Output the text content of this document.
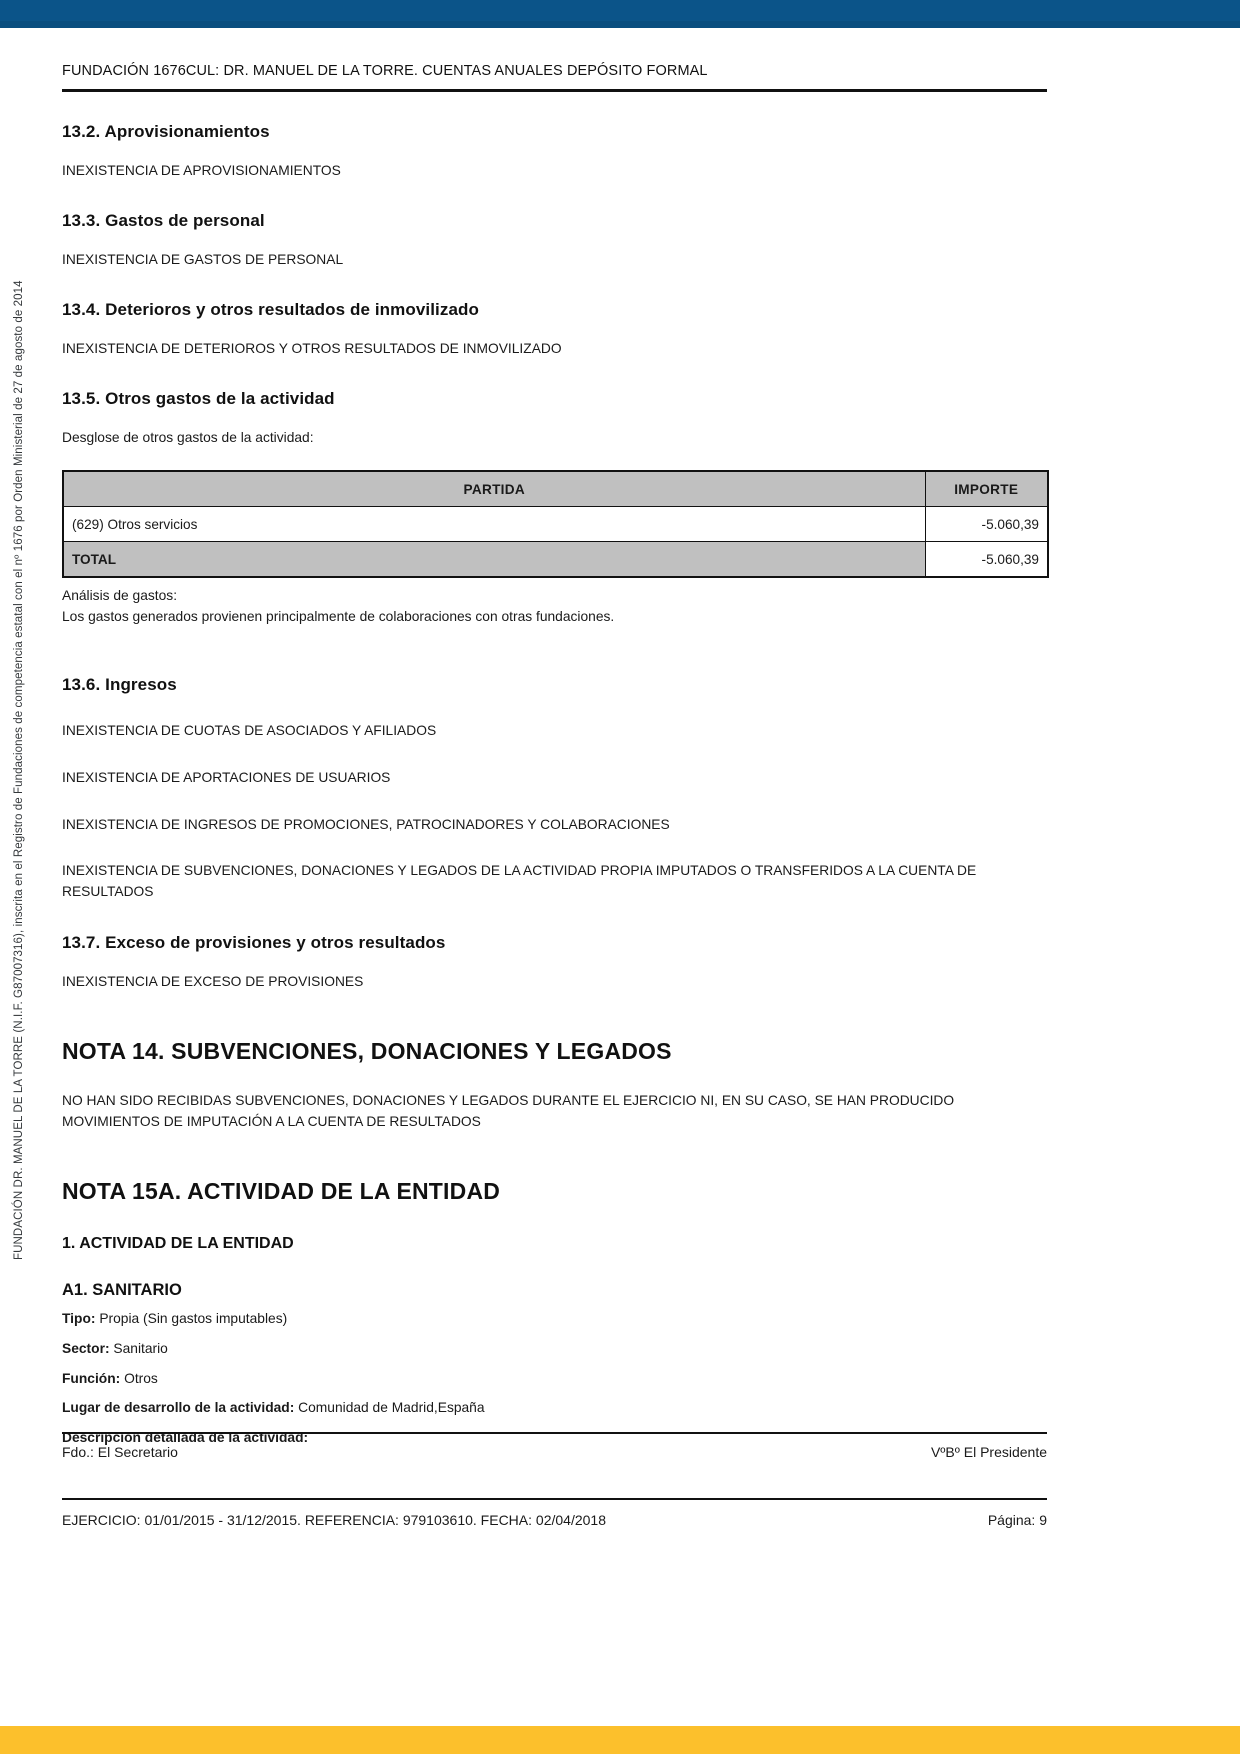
FUNDACIÓN DR. MANUEL DE LA TORRE (N.I.F. G87007316), inscrita en el Registro de Fundaciones de competencia estatal con el nº 1676 por Orden Ministerial de 27 de agosto de 2014
FUNDACIÓN 1676CUL: DR. MANUEL DE LA TORRE. CUENTAS ANUALES DEPÓSITO FORMAL
13.2. Aprovisionamientos

INEXISTENCIA DE APROVISIONAMIENTOS

13.3. Gastos de personal

INEXISTENCIA DE GASTOS DE PERSONAL

13.4. Deterioros y otros resultados de inmovilizado

INEXISTENCIA DE DETERIOROS Y OTROS RESULTADOS DE INMOVILIZADO

13.5. Otros gastos de la actividad

Desglose de otros gastos de la actividad:

PARTIDA	IMPORTE
(629) Otros servicios	-5.060,39
TOTAL	-5.060,39
Análisis de gastos:
Los gastos generados provienen principalmente de colaboraciones con otras fundaciones.
13.6. Ingresos

INEXISTENCIA DE CUOTAS DE ASOCIADOS Y AFILIADOS

INEXISTENCIA DE APORTACIONES DE USUARIOS

INEXISTENCIA DE INGRESOS DE PROMOCIONES, PATROCINADORES Y COLABORACIONES

INEXISTENCIA DE SUBVENCIONES, DONACIONES Y LEGADOS DE LA ACTIVIDAD PROPIA IMPUTADOS O TRANSFERIDOS A LA CUENTA DE RESULTADOS

13.7. Exceso de provisiones y otros resultados

INEXISTENCIA DE EXCESO DE PROVISIONES

NOTA 14. SUBVENCIONES, DONACIONES Y LEGADOS

NO HAN SIDO RECIBIDAS SUBVENCIONES, DONACIONES Y LEGADOS DURANTE EL EJERCICIO NI, EN SU CASO, SE HAN PRODUCIDO MOVIMIENTOS DE IMPUTACIÓN A LA CUENTA DE RESULTADOS

NOTA 15A. ACTIVIDAD DE LA ENTIDAD
1. ACTIVIDAD DE LA ENTIDAD
A1. SANITARIO
Tipo: Propia (Sin gastos imputables)
Sector: Sanitario
Función: Otros
Lugar de desarrollo de la actividad: Comunidad de Madrid,España
Descripción detallada de la actividad:
Fdo.: El Secretario	VºBº El Presidente
EJERCICIO: 01/01/2015 - 31/12/2015. REFERENCIA: 979103610. FECHA: 02/04/2018	Página: 9
